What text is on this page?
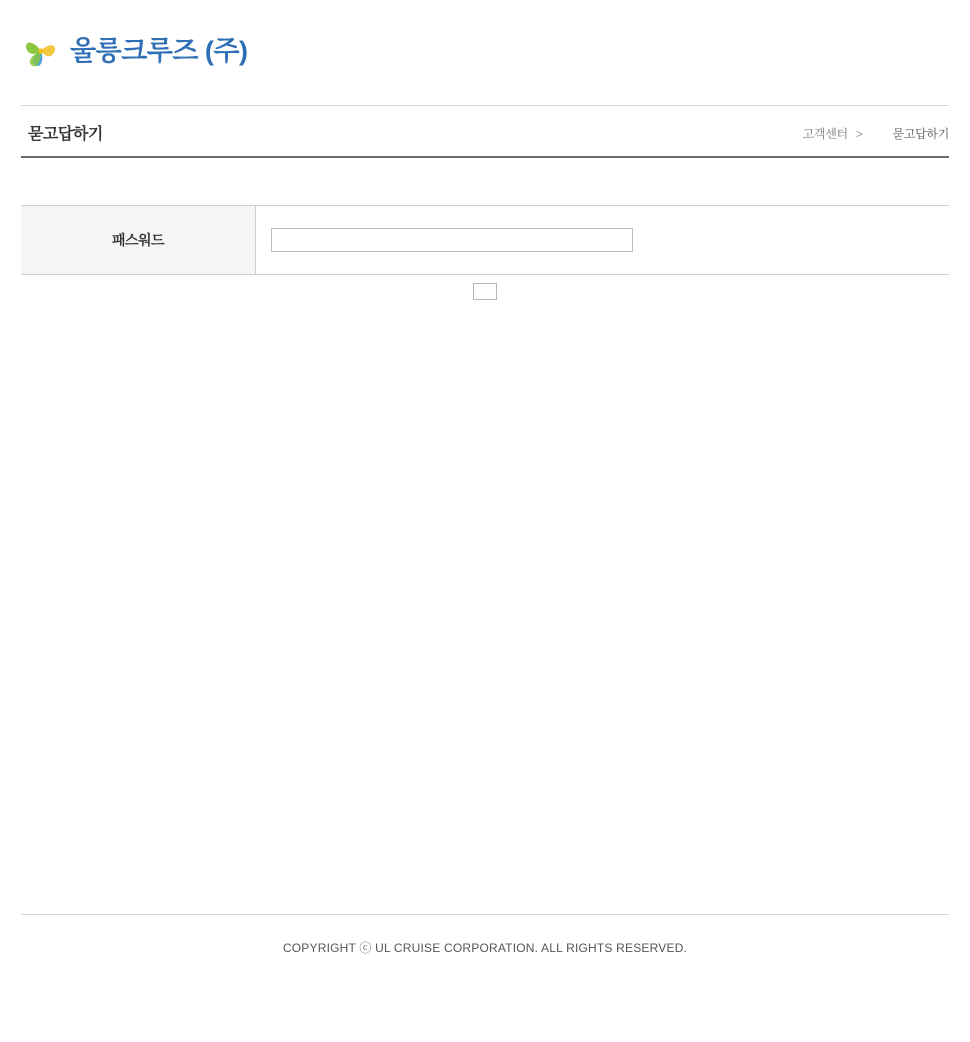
울릉크루즈 (주)
묻고답하기	고객센터 >	묻고답하기
패스워드	
COPYRIGHT ⓒ UL CRUISE CORPORATION. ALL RIGHTS RESERVED.
